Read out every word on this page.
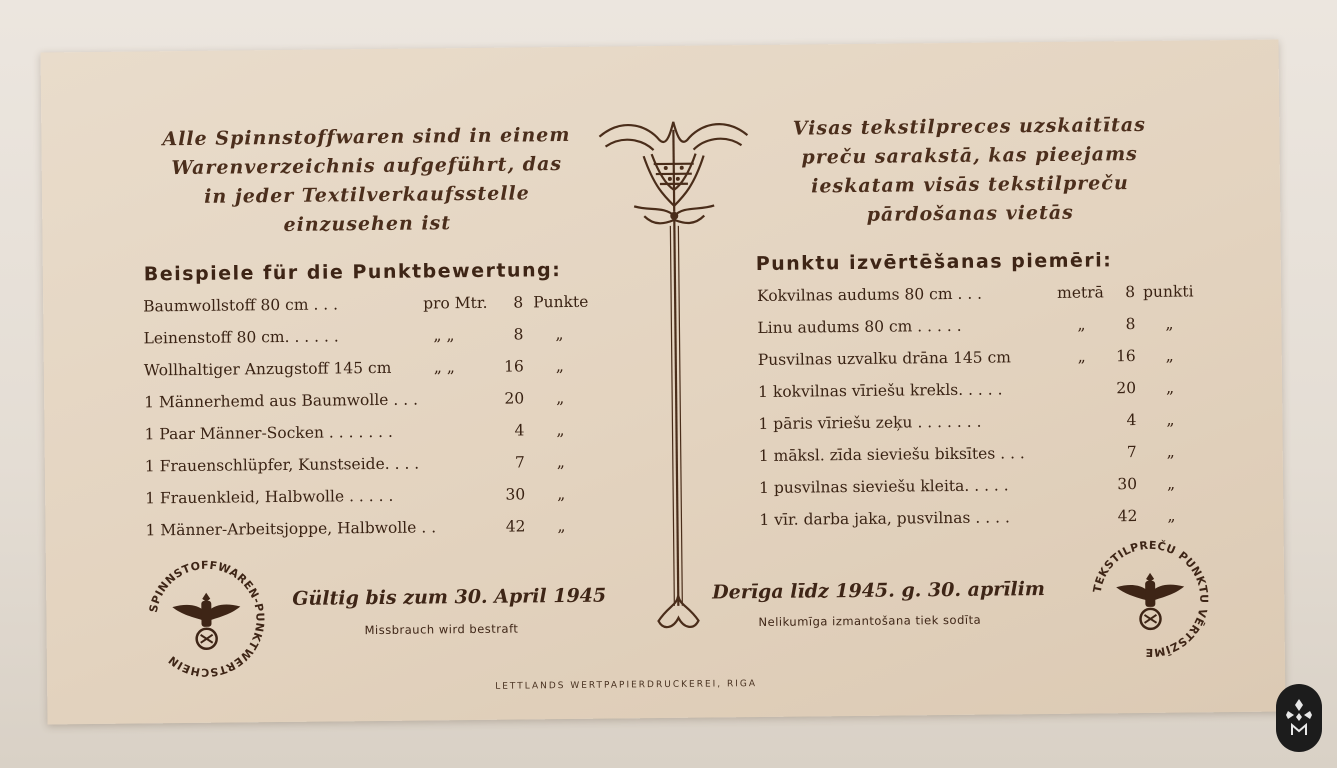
Alle Spinnstoffwaren sind in einem
Warenverzeichnis aufgeführt, das
in jeder Textilverkaufsstelle
einzusehen ist
Visas tekstilpreces uzskaitītas
preču sarakstā, kas pieejams
ieskatam visās tekstilpreču
pārdošanas vietās
Beispiele für die Punktbewertung:	Punktu izvērtēšanas piemēri:
Baumwollstoff 80 cm . . .	pro Mtr.	8 Punkte
Leinenstoff 80 cm. . . . . .	„ „	8 „
Wollhaltiger Anzugstoff 145 cm	„ „	16 „
1 Männerhemd aus Baumwolle . . .	20 „
1 Paar Männer-Socken . . . . . . .	4 „
1 Frauenschlüpfer, Kunstseide. . . .	7 „
1 Frauenkleid, Halbwolle . . . . .	30 „
1 Männer-Arbeitsjoppe, Halbwolle . .	42 „
Kokvilnas audums 80 cm . . .	metrā	8 punkti
Linu audums 80 cm . . . . .	„	8 „
Pusvilnas uzvalku drāna 145 cm	„	16 „
1 kokvilnas vīriešu krekls. . . . .	20 „
1 pāris vīriešu zeķu . . . . . . .	4 „
1 māksl. zīda sieviešu biksītes . . .	7 „
1 pusvilnas sieviešu kleita. . . . .	30 „
1 vīr. darba jaka, pusvilnas . . . .	42 „
SPINNSTOFFWAREN-PUNKTWERTSCHEIN
TEKSTILPREČU PUNKTU VĒRTSZĪME
Gültig bis zum 30. April 1945
Missbrauch wird bestraft
Derīga līdz 1945. g. 30. aprīlim
Nelikumīga izmantošana tiek sodīta
LETTLANDS WERTPAPIERDRUCKEREI, RIGA
